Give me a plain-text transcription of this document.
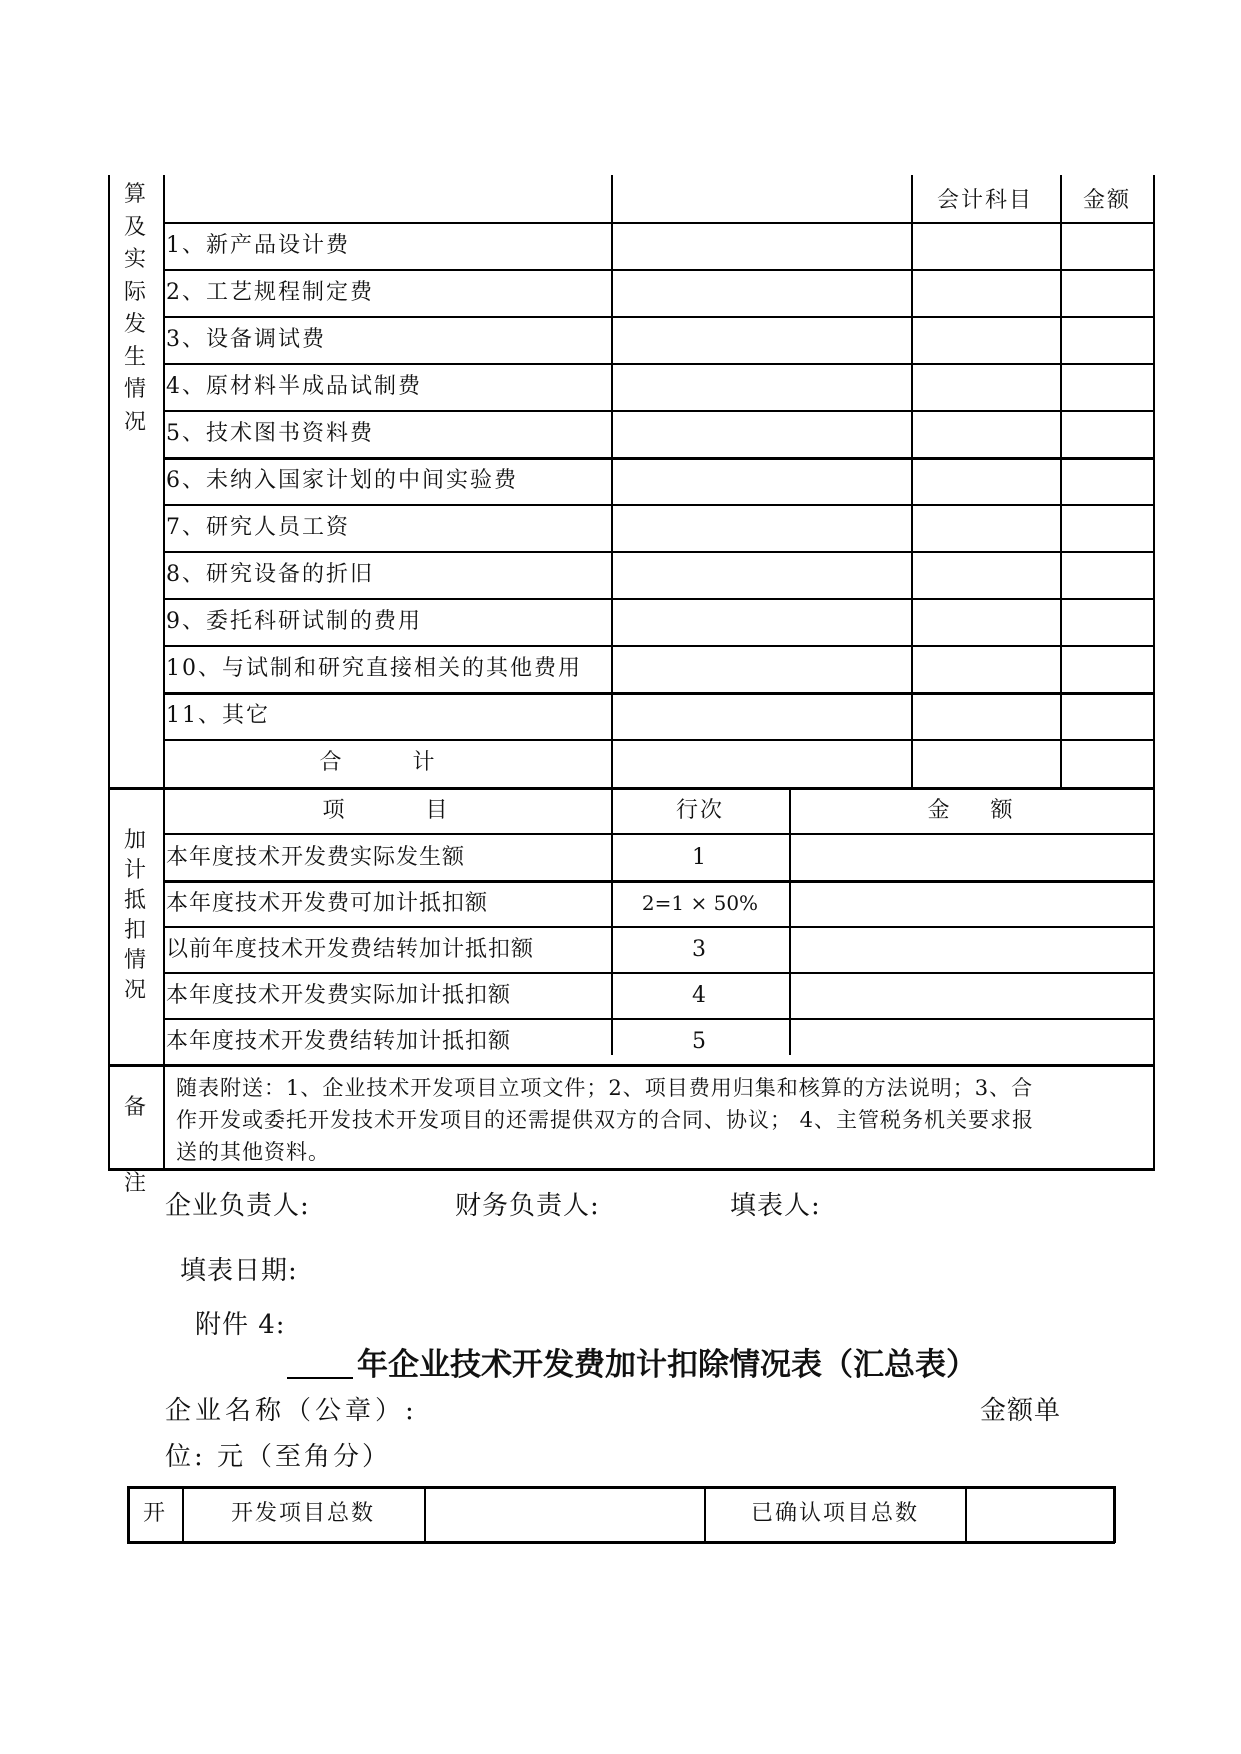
算
及
实
际
发
生
情
况
会计科目 金额
1、新产品设计费
2、工艺规程制定费
3、设备调试费
4、原材料半成品试制费
5、技术图书资料费
6、未纳入国家计划的中间实验费
7、研究人员工资
8、研究设备的折旧
9、委托科研试制的费用
10、与试制和研究直接相关的其他费用
11、其它
合 计
加
计
抵
扣
情
况
项 目	行次	金 额
本年度技术开发费实际发生额	1
本年度技术开发费可加计抵扣额	2=1 × 50%
以前年度技术开发费结转加计抵扣额	3
本年度技术开发费实际加计抵扣额	4
本年度技术开发费结转加计抵扣额	5
备
注
随表附送：1、企业技术开发项目立项文件；2、项目费用归集和核算的方法说明；3、合
作开发或委托开发技术开发项目的还需提供双方的合同、协议； 4、主管税务机关要求报
送的其他资料。
企业负责人:	财务负责人:	填表人:
填表日期:
附件 4:
年企业技术开发费加计扣除情况表（汇总表）
企业名称（公章）:	金额单
位: 元（至角分）
开	开发项目总数	已确认项目总数
